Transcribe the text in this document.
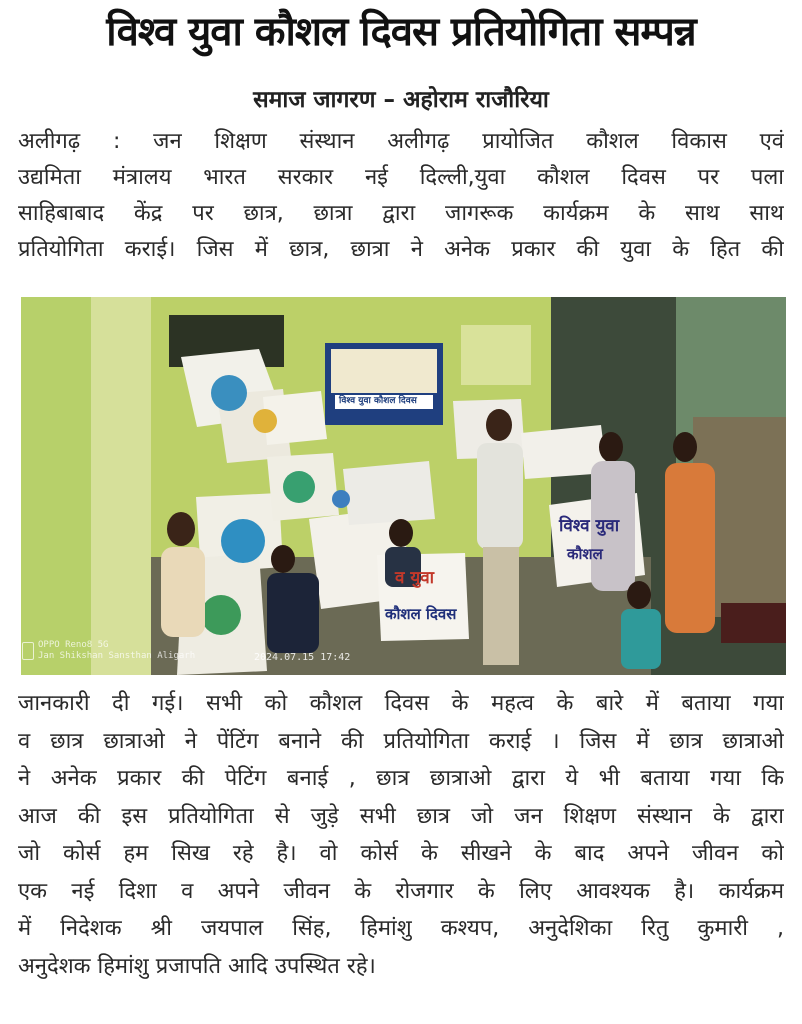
विश्व युवा कौशल दिवस प्रतियोगिता सम्पन्न
समाज जागरण – अहोराम राजौरिया
अलीगढ़ : जन शिक्षण संस्थान अलीगढ़ प्रायोजित कौशल विकास एवं
उद्यमिता मंत्रालय भारत सरकार नई दिल्ली,युवा कौशल दिवस पर पला
साहिबाबाद केंद्र पर छात्र, छात्रा द्वारा जागरूक कार्यक्रम के साथ साथ
प्रतियोगिता कराई। जिस में छात्र, छात्रा ने अनेक प्रकार की युवा के हित की
व युवा
कौशल दिवस
विश्व युवा
कौशल
विश्व युवा कौशल दिवस
OPPO Reno8 5G
Jan Shikshan Sansthan Aligarh	2024.07.15 17:42
जानकारी दी गई। सभी को कौशल दिवस के महत्व के बारे में बताया गया
व छात्र छात्राओ ने पेंटिंग बनाने की प्रतियोगिता कराई । जिस में छात्र छात्राओ
ने अनेक प्रकार की पेटिंग बनाई , छात्र छात्राओ द्वारा ये भी बताया गया कि
आज की इस प्रतियोगिता से जुड़े सभी छात्र जो जन शिक्षण संस्थान के द्वारा
जो कोर्स हम सिख रहे है। वो कोर्स के सीखने के बाद अपने जीवन को
एक नई दिशा व अपने जीवन के रोजगार के लिए आवश्यक है। कार्यक्रम
में निदेशक श्री जयपाल सिंह, हिमांशु कश्यप, अनुदेशिका रितु कुमारी ,
अनुदेशक हिमांशु प्रजापति आदि उपस्थित रहे।
